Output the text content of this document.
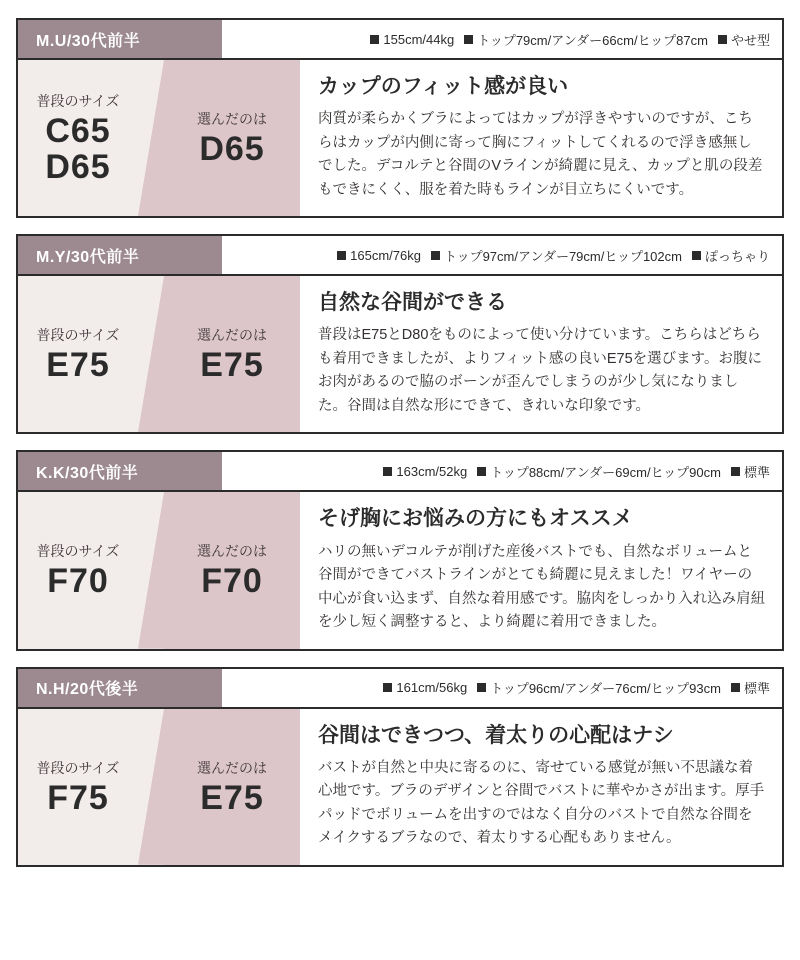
M.U/30代前半	155cm/44kg トップ79cm/アンダー66cm/ヒップ87cm やせ型
普段のサイズ
C65
D65
選んだのは
D65
カップのフィット感が良い

肉質が柔らかくブラによってはカップが浮きやすいのですが、こちらはカップが内側に寄って胸にフィットしてくれるので浮き感無しでした。デコルテと谷間のVラインが綺麗に見え、カップと肌の段差もできにくく、服を着た時もラインが目立ちにくいです。

M.Y/30代前半	165cm/76kg トップ97cm/アンダー79cm/ヒップ102cm ぽっちゃり
普段のサイズ
E75
選んだのは
E75
自然な谷間ができる

普段はE75とD80をものによって使い分けています。こちらはどちらも着用できましたが、よりフィット感の良いE75を選びます。お腹にお肉があるので脇のボーンが歪んでしまうのが少し気になりました。谷間は自然な形にできて、きれいな印象です。

K.K/30代前半	163cm/52kg トップ88cm/アンダー69cm/ヒップ90cm 標準
普段のサイズ
F70
選んだのは
F70
そげ胸にお悩みの方にもオススメ

ハリの無いデコルテが削げた産後バストでも、自然なボリュームと谷間ができてバストラインがとても綺麗に見えました！ワイヤーの中心が食い込まず、自然な着用感です。脇肉をしっかり入れ込み肩紐を少し短く調整すると、より綺麗に着用できました。

N.H/20代後半	161cm/56kg トップ96cm/アンダー76cm/ヒップ93cm 標準
普段のサイズ
F75
選んだのは
E75
谷間はできつつ、着太りの心配はナシ

バストが自然と中央に寄るのに、寄せている感覚が無い不思議な着心地です。ブラのデザインと谷間でバストに華やかさが出ます。厚手パッドでボリュームを出すのではなく自分のバストで自然な谷間をメイクするブラなので、着太りする心配もありません。
